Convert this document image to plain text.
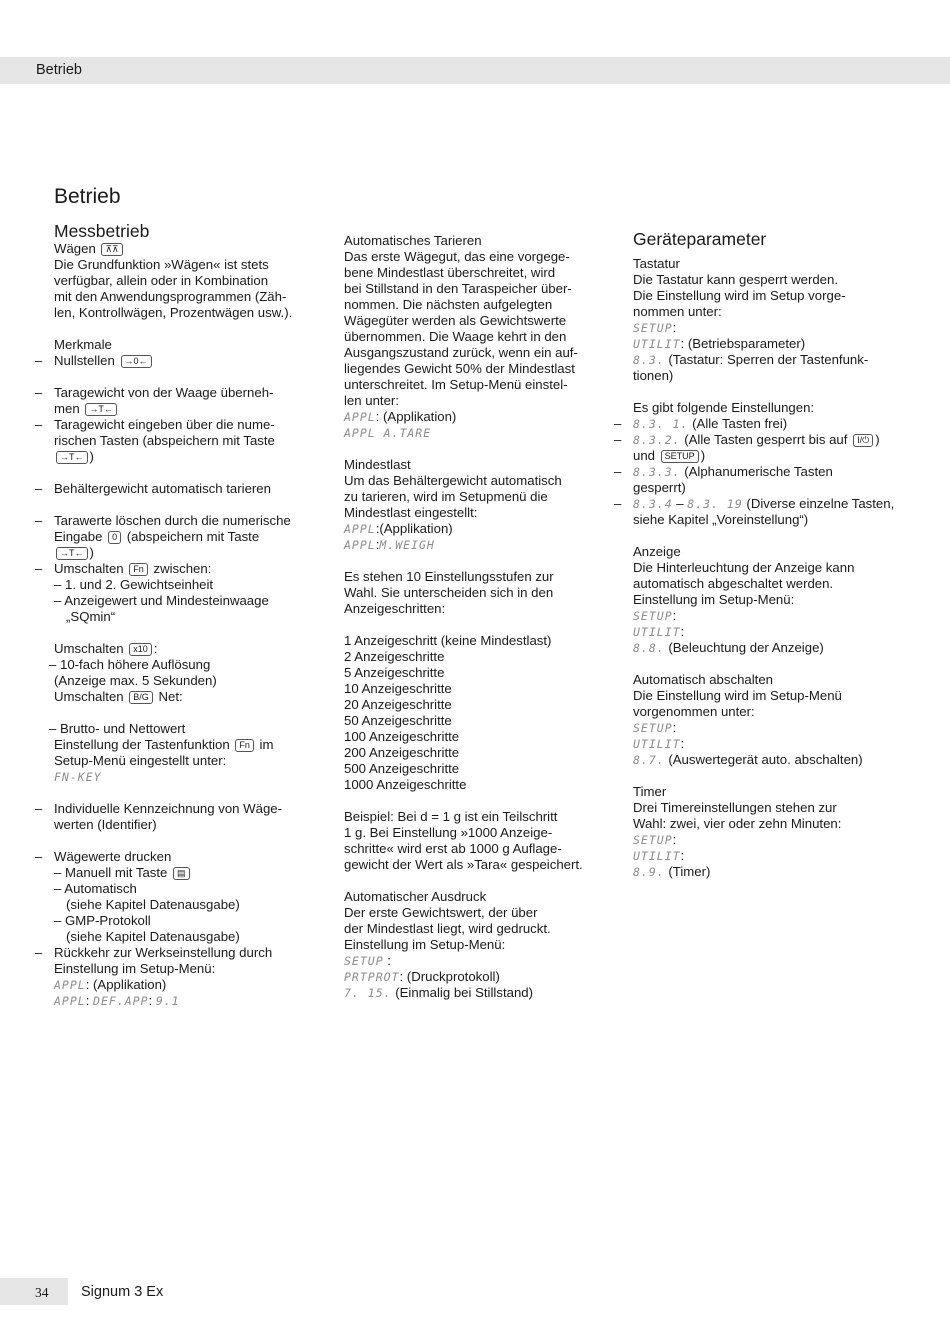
Betrieb
Betrieb
Messbetrieb
Wägen ⊼⊼
Die Grundfunktion »Wägen« ist stets
verfügbar, allein oder in Kombination
mit den Anwendungsprogrammen (Zäh-
len, Kontrollwägen, Prozentwägen usw.).
Merkmale
– Nullstellen →0←
– Taragewicht von der Waage überneh-
men →T←
– Taragewicht eingeben über die nume-
rischen Tasten (abspeichern mit Taste
→T← )
– Behältergewicht automatisch tarieren
– Tarawerte löschen durch die numerische
Eingabe 0 (abspeichern mit Taste
→T← )
– Umschalten Fn zwischen:
– 1. und 2. Gewichtseinheit
– Anzeigewert und Mindesteinwaage
„SQmin“
Umschalten x10 :
– 10-fach höhere Auflösung
(Anzeige max. 5 Sekunden)
Umschalten B/G Net:
– Brutto- und Nettowert
Einstellung der Tastenfunktion Fn im
Setup-Menü eingestellt unter:
FN-KEY
– Individuelle Kennzeichnung von Wäge-
werten (Identifier)
– Wägewerte drucken
– Manuell mit Taste ▤
– Automatisch
(siehe Kapitel Datenausgabe)
– GMP-Protokoll
(siehe Kapitel Datenausgabe)
– Rückkehr zur Werkseinstellung durch
Einstellung im Setup-Menü:
APPL: (Applikation)
APPL: DEF.APP: 9.1
Automatisches Tarieren
Das erste Wägegut, das eine vorgege-
bene Mindestlast überschreitet, wird
bei Stillstand in den Taraspeicher über-
nommen. Die nächsten aufgelegten
Wägegüter werden als Gewichtswerte
übernommen. Die Waage kehrt in den
Ausgangszustand zurück, wenn ein auf-
liegendes Gewicht 50% der Mindestlast
unterschreitet. Im Setup-Menü einstel-
len unter:
APPL: (Applikation)
APPL A.TARE
Mindestlast
Um das Behältergewicht automatisch
zu tarieren, wird im Setupmenü die
Mindestlast eingestellt:
APPL:(Applikation)
APPL:M.WEIGH
Es stehen 10 Einstellungsstufen zur
Wahl. Sie unterscheiden sich in den
Anzeigeschritten:
1 Anzeigeschritt (keine Mindestlast)
2 Anzeigeschritte
5 Anzeigeschritte
10 Anzeigeschritte
20 Anzeigeschritte
50 Anzeigeschritte
100 Anzeigeschritte
200 Anzeigeschritte
500 Anzeigeschritte
1000 Anzeigeschritte
Beispiel: Bei d = 1 g ist ein Teilschritt
1 g. Bei Einstellung »1000 Anzeige-
schritte« wird erst ab 1000 g Auflage-
gewicht der Wert als »Tara« gespeichert.
Automatischer Ausdruck
Der erste Gewichtswert, der über
der Mindestlast liegt, wird gedruckt.
Einstellung im Setup-Menü:
SETUP :
PRTPROT: (Druckprotokoll)
7. 15. (Einmalig bei Stillstand)
Geräteparameter
Tastatur
Die Tastatur kann gesperrt werden.
Die Einstellung wird im Setup vorge-
nommen unter:
SETUP:
UTILIT: (Betriebsparameter)
8.3. (Tastatur: Sperren der Tastenfunk-
tionen)
Es gibt folgende Einstellungen:
– 8.3. 1. (Alle Tasten frei)
– 8.3.2. (Alle Tasten gesperrt bis auf I/⏻ )
und SETUP )
– 8.3.3. (Alphanumerische Tasten
gesperrt)
– 8.3.4 – 8.3. 19 (Diverse einzelne Tasten,
siehe Kapitel „Voreinstellung“)
Anzeige
Die Hinterleuchtung der Anzeige kann
automatisch abgeschaltet werden.
Einstellung im Setup-Menü:
SETUP:
UTILIT:
8.8. (Beleuchtung der Anzeige)
Automatisch abschalten
Die Einstellung wird im Setup-Menü
vorgenommen unter:
SETUP:
UTILIT:
8.7. (Auswertegerät auto. abschalten)
Timer
Drei Timereinstellungen stehen zur
Wahl: zwei, vier oder zehn Minuten:
SETUP:
UTILIT:
8.9. (Timer)
34 Signum 3 Ex
